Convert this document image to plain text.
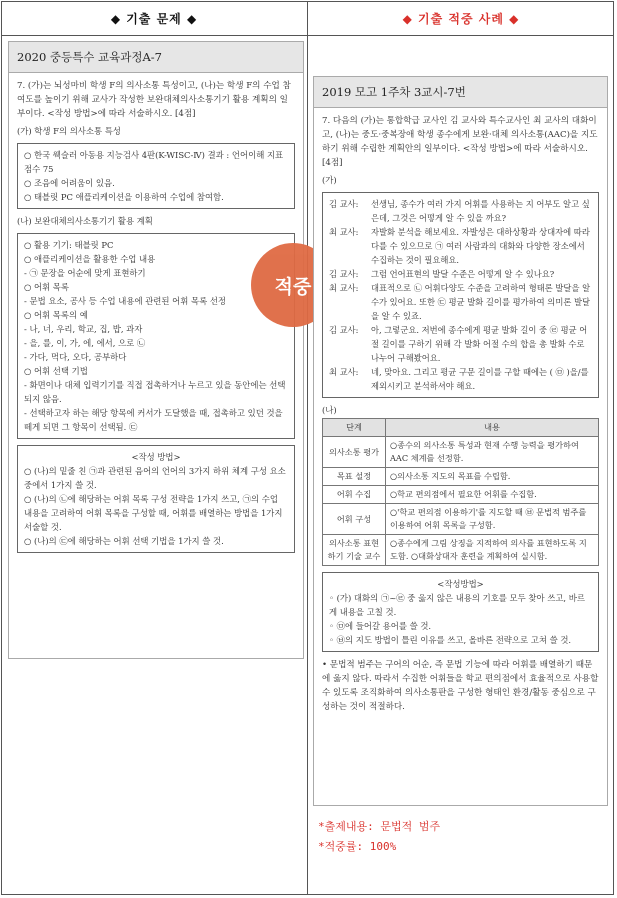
◆ 기출 문제 ◆	◆ 기출 적중 사례 ◆
2020 중등특수 교육과정A-7
7. (가)는 뇌성마비 학생 F의 의사소통 특성이고, (나)는 학생 F의 수업 참여도를 높이기 위해 교사가 작성한 보완대체의사소통기기 활용 계획의 일부이다. <작성 방법>에 따라 서술하시오. [4점]
(가) 학생 F의 의사소통 특성
○ 한국 웩슬러 아동용 지능검사 4판(K-WISC-Ⅳ) 결과 : 언어이해 지표 점수 75
○ 조음에 어려움이 있음.
○ 태블릿 PC 애플리케이션을 이용하여 수업에 참여함.
(나) 보완대체의사소통기기 활용 계획
○ 활용 기기: 태블릿 PC
○ 애플리케이션을 활용한 수업 내용
- ㉠ 문장을 어순에 맞게 표현하기
○ 어휘 목록
- 문법 요소, 공사 등 수업 내용에 관련된 어휘 목록 선정
○ 어휘 목록의 예
- 나, 너, 우리, 학교, 집, 밥, 과자
- 을, 를, 이, 가, 에, 에서, 으로 ㉡
- 가다, 먹다, 오다, 공부하다
○ 어휘 선택 기법
- 화면이나 대체 입력기기를 직접 접촉하거나 누르고 있을 동안에는 선택되지 않음.
- 선택하고자 하는 해당 항목에 커서가 도달했을 때, 접촉하고 있던 것을 떼게 되면 그 항목이 선택됨. ㉢
<작성 방법>
○ (나)의 밑줄 친 ㉠과 관련된 음어의 언어의 3가지 하위 체계 구성 요소 중에서 1가지 쓸 것.
○ (나)의 ㉡에 해당하는 어휘 목록 구성 전략을 1가지 쓰고, ㉠의 수업 내용을 고려하여 어휘 목록을 구성할 때, 어휘를 배열하는 방법을 1가지 서술할 것.
○ (나)의 ㉢에 해당하는 어휘 선택 기법을 1가지 쓸 것.
적중
2019 모고 1주차 3교시-7번
7. 다음의 (가)는 통합학급 교사인 김 교사와 특수교사인 최 교사의 대화이고, (나)는 중도·중복장애 학생 종수에게 보완·대체 의사소통(AAC)을 지도하기 위해 수립한 계획안의 일부이다. <작성 방법>에 따라 서술하시오. [4점]
(가)
김 교사:	선생님, 종수가 여러 가지 어휘를 사용하는 지 어부도 알고 싶은데, 그것은 어떻게 알 수 있을 까요?
최 교사:	자발화 분석을 해보세요. 자발성은 대하상황과 상대자에 따라 다를 수 있으므로 ㉠ 여러 사람과의 대화와 다양한 장소에서 수집하는 것이 필요해요.
김 교사:	그럼 언어표현의 발달 수준은 어떻게 알 수 있나요?
최 교사:	대표적으로 ㉡ 어휘다양도 수준을 고려하여 형태론 발달을 알 수가 있어요. 또한 ㉢ 평균 발화 길이를 평가하여 의미론 발달을 알 수 있죠.
김 교사:	아, 그렇군요. 저번에 종수에게 평균 발화 길이 중 ㉣ 평균 어절 길이를 구하기 위해 각 발화 어절 수의 합을 총 발화 수로 나누어 구해봤어요.
최 교사:	네, 맞아요. 그리고 평균 구문 길이를 구할 때에는 ( ㉤ )을/를 제외시키고 분석하셔야 해요.
(나)
단계	내용
의사소통 평가	○종수의 의사소통 특성과 현재 수행 능력을 평가하여 AAC 체계를 선정함.
목표 설정	○의사소통 지도의 목표를 수립함.
어휘 수집	○학교 편의점에서 필요한 어휘를 수집함.
어휘 구성	○'학교 편의점 이용하기'를 지도할 때 ㉥ 문법적 범주를 이용하여 어휘 목록을 구성함.
의사소통 표현하기 기술 교수	○종수에게 그림 상징을 지적하여 의사를 표현하도록 지도함. ○대화상대자 훈련을 계획하여 실시함.
<작성방법>
◦ (가) 대화의 ㉠~㉣ 중 옳지 않은 내용의 기호를 모두 찾아 쓰고, 바르게 내용을 고칠 것.
◦ ㉤에 들어갈 용어를 쓸 것.
◦ ㉥의 지도 방법이 틀린 이유를 쓰고, 올바른 전략으로 고쳐 쓸 것.
• 문법적 범주는 구어의 어순, 즉 문법 기능에 따라 어휘를 배열하기 때문에 옳지 않다. 따라서 수집한 어휘들을 학교 편의점에서 효율적으로 사용할 수 있도록 조직화하여 의사소통판을 구성한 형태인 환경/활동 중심으로 구성하는 것이 적절하다.
*출제내용: 문법적 범주
*적중률: 100%
